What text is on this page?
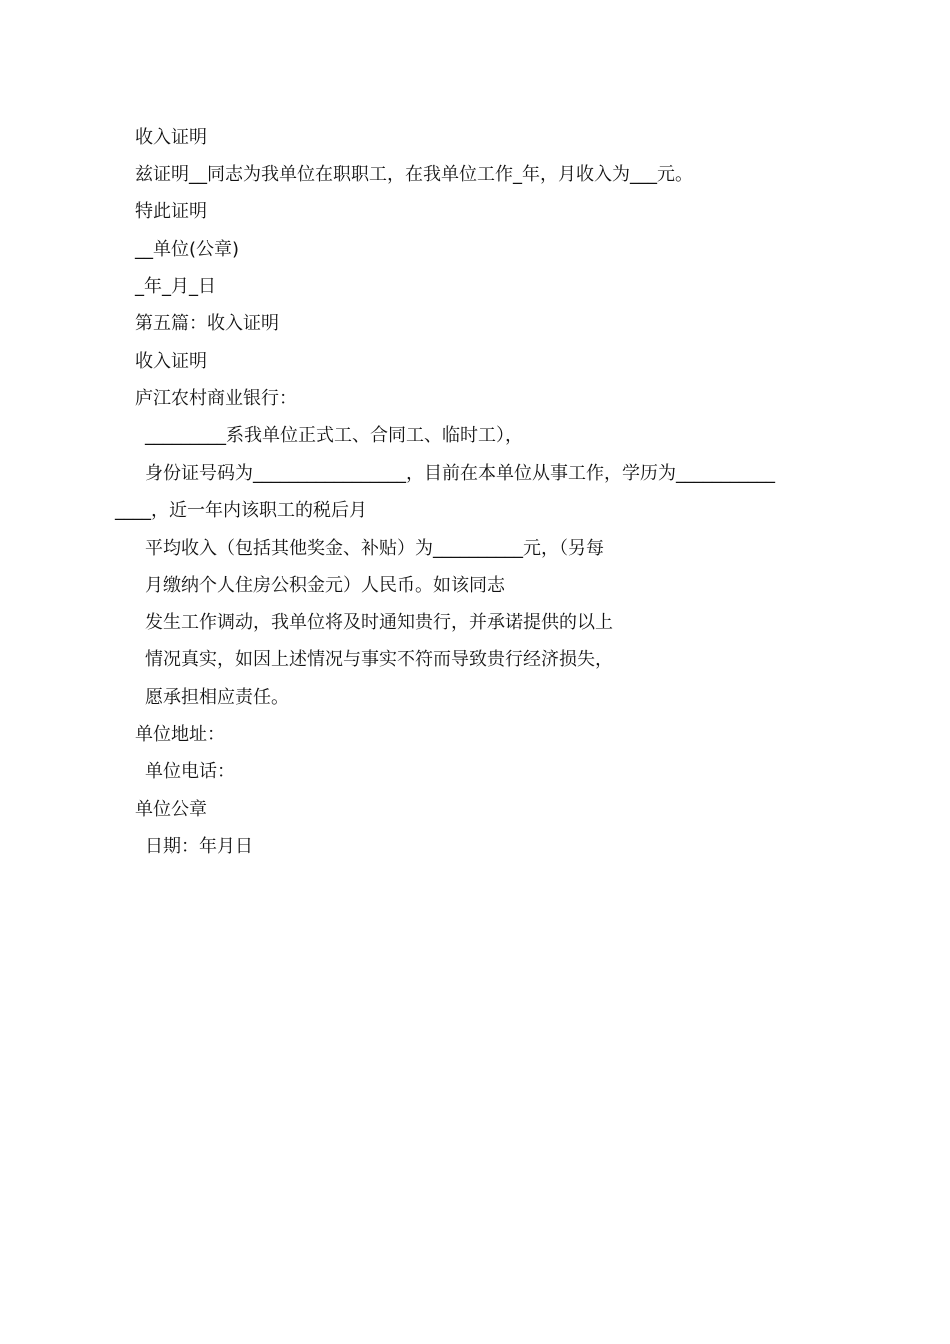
收入证明
兹证明__同志为我单位在职职工，在我单位工作_年，月收入为___元。
特此证明
__单位(公章)
_年_月_日
第五篇：收入证明
收入证明
庐江农村商业银行：
_________系我单位正式工、合同工、临时工），
身份证号码为_________________，目前在本单位从事工作，学历为___________
____，近一年内该职工的税后月
平均收入（包括其他奖金、补贴）为__________元，（另每
月缴纳个人住房公积金元）人民币。如该同志
发生工作调动，我单位将及时通知贵行，并承诺提供的以上
情况真实，如因上述情况与事实不符而导致贵行经济损失，
愿承担相应责任。
单位地址：
单位电话：
单位公章
日期：年月日
